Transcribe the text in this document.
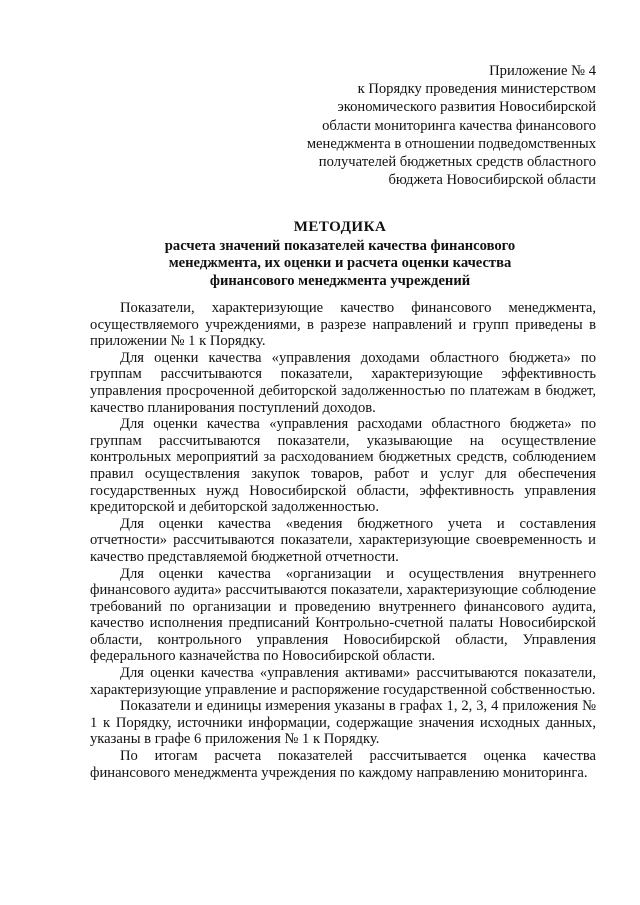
Приложение № 4
к Порядку проведения министерством
экономического развития Новосибирской
области мониторинга качества финансового
менеджмента в отношении подведомственных
получателей бюджетных средств областного
бюджета Новосибирской области
МЕТОДИКА
расчета значений показателей качества финансового
менеджмента, их оценки и расчета оценки качества
финансового менеджмента учреждений

Показатели, характеризующие качество финансового менеджмента, осуществляемого учреждениями, в разрезе направлений и групп приведены в приложении № 1 к Порядку.

Для оценки качества «управления доходами областного бюджета» по группам рассчитываются показатели, характеризующие эффективность управления просроченной дебиторской задолженностью по платежам в бюджет, качество планирования поступлений доходов.

Для оценки качества «управления расходами областного бюджета» по группам рассчитываются показатели, указывающие на осуществление контрольных мероприятий за расходованием бюджетных средств, соблюдением правил осуществления закупок товаров, работ и услуг для обеспечения государственных нужд Новосибирской области, эффективность управления кредиторской и дебиторской задолженностью.

Для оценки качества «ведения бюджетного учета и составления отчетности» рассчитываются показатели, характеризующие своевременность и качество представляемой бюджетной отчетности.

Для оценки качества «организации и осуществления внутреннего финансового аудита» рассчитываются показатели, характеризующие соблюдение требований по организации и проведению внутреннего финансового аудита, качество исполнения предписаний Контрольно-счетной палаты Новосибирской области, контрольного управления Новосибирской области, Управления федерального казначейства по Новосибирской области.

Для оценки качества «управления активами» рассчитываются показатели, характеризующие управление и распоряжение государственной собственностью.

Показатели и единицы измерения указаны в графах 1, 2, 3, 4 приложения № 1 к Порядку, источники информации, содержащие значения исходных данных, указаны в графе 6 приложения № 1 к Порядку.

По итогам расчета показателей рассчитывается оценка качества финансового менеджмента учреждения по каждому направлению мониторинга.
